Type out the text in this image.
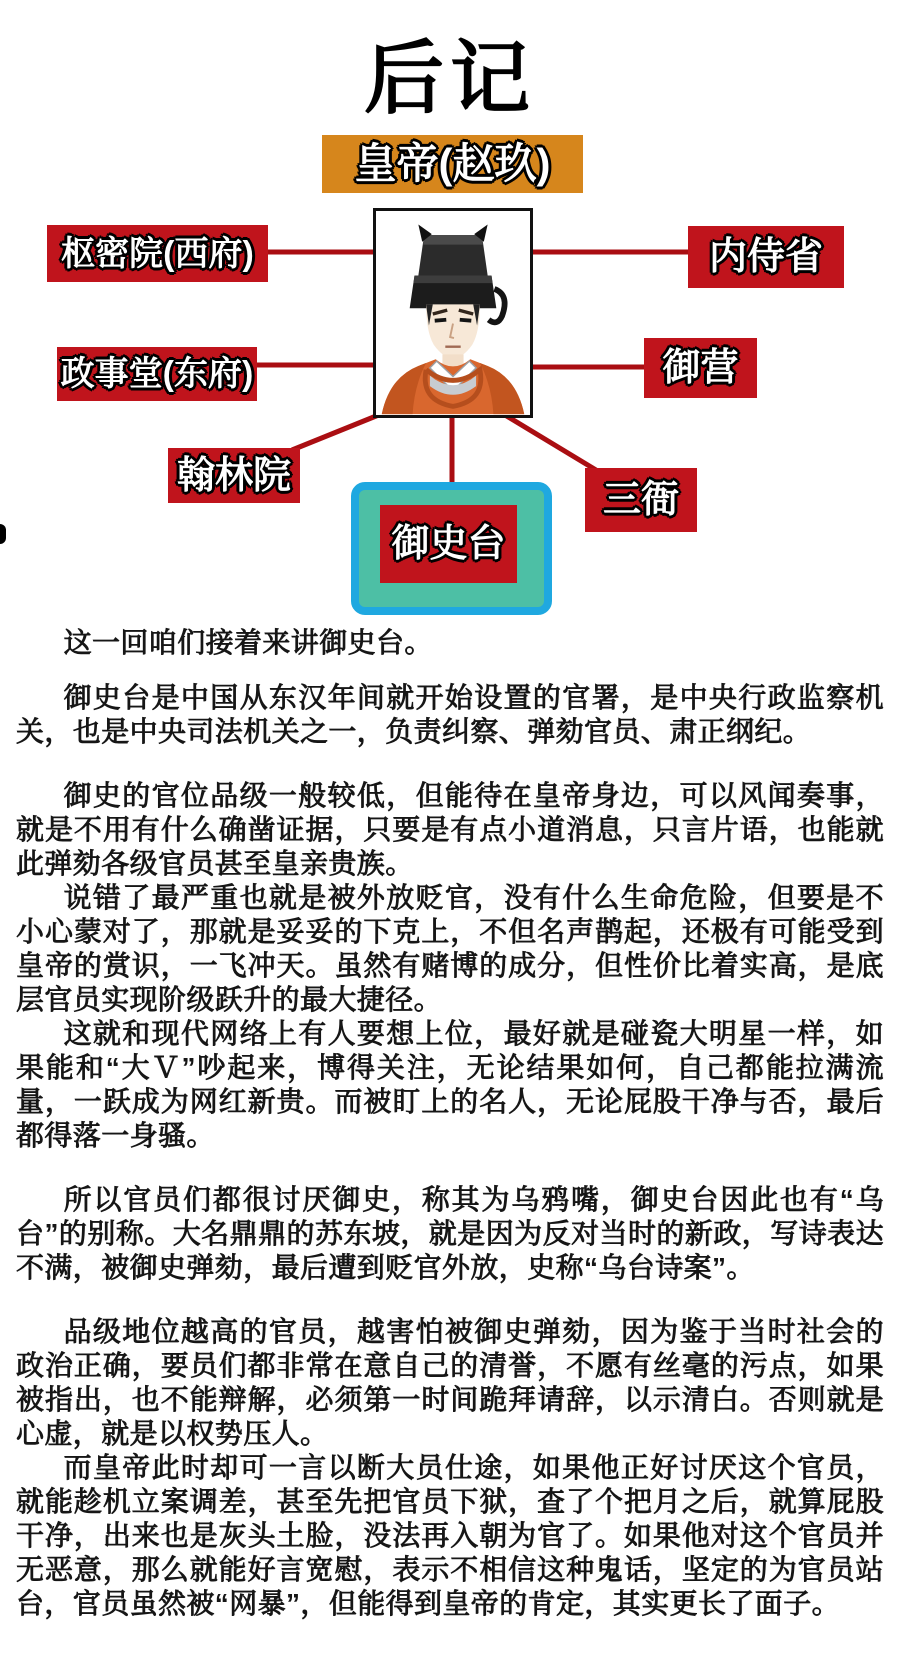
后记
皇帝(赵玖)
枢密院(西府)	内侍省
政事堂(东府)	御营
翰林院
三衙
御史台

这一回咱们接着来讲御史台。

御史台是中国从东汉年间就开始设置的官署，是中央行政监察机关，也是中央司法机关之一，负责纠察、弹劾官员、肃正纲纪。

御史的官位品级一般较低，但能待在皇帝身边，可以风闻奏事，就是不用有什么确凿证据，只要是有点小道消息，只言片语，也能就此弹劾各级官员甚至皇亲贵族。

说错了最严重也就是被外放贬官，没有什么生命危险，但要是不小心蒙对了，那就是妥妥的下克上，不但名声鹊起，还极有可能受到皇帝的赏识，一飞冲天。虽然有赌博的成分，但性价比着实高，是底层官员实现阶级跃升的最大捷径。

这就和现代网络上有人要想上位，最好就是碰瓷大明星一样，如果能和“大Ｖ”吵起来，博得关注，无论结果如何，自己都能拉满流量，一跃成为网红新贵。而被盯上的名人，无论屁股干净与否，最后都得落一身骚。

所以官员们都很讨厌御史，称其为乌鸦嘴，御史台因此也有“乌台”的别称。大名鼎鼎的苏东坡，就是因为反对当时的新政，写诗表达不满，被御史弹劾，最后遭到贬官外放，史称“乌台诗案”。

品级地位越高的官员，越害怕被御史弹劾，因为鉴于当时社会的政治正确，要员们都非常在意自己的清誉，不愿有丝毫的污点，如果被指出，也不能辩解，必须第一时间跪拜请辞，以示清白。否则就是心虚，就是以权势压人。

而皇帝此时却可一言以断大员仕途，如果他正好讨厌这个官员，就能趁机立案调差，甚至先把官员下狱，查了个把月之后，就算屁股干净，出来也是灰头土脸，没法再入朝为官了。如果他对这个官员并无恶意，那么就能好言宽慰，表示不相信这种鬼话，坚定的为官员站台，官员虽然被“网暴”，但能得到皇帝的肯定，其实更长了面子。
